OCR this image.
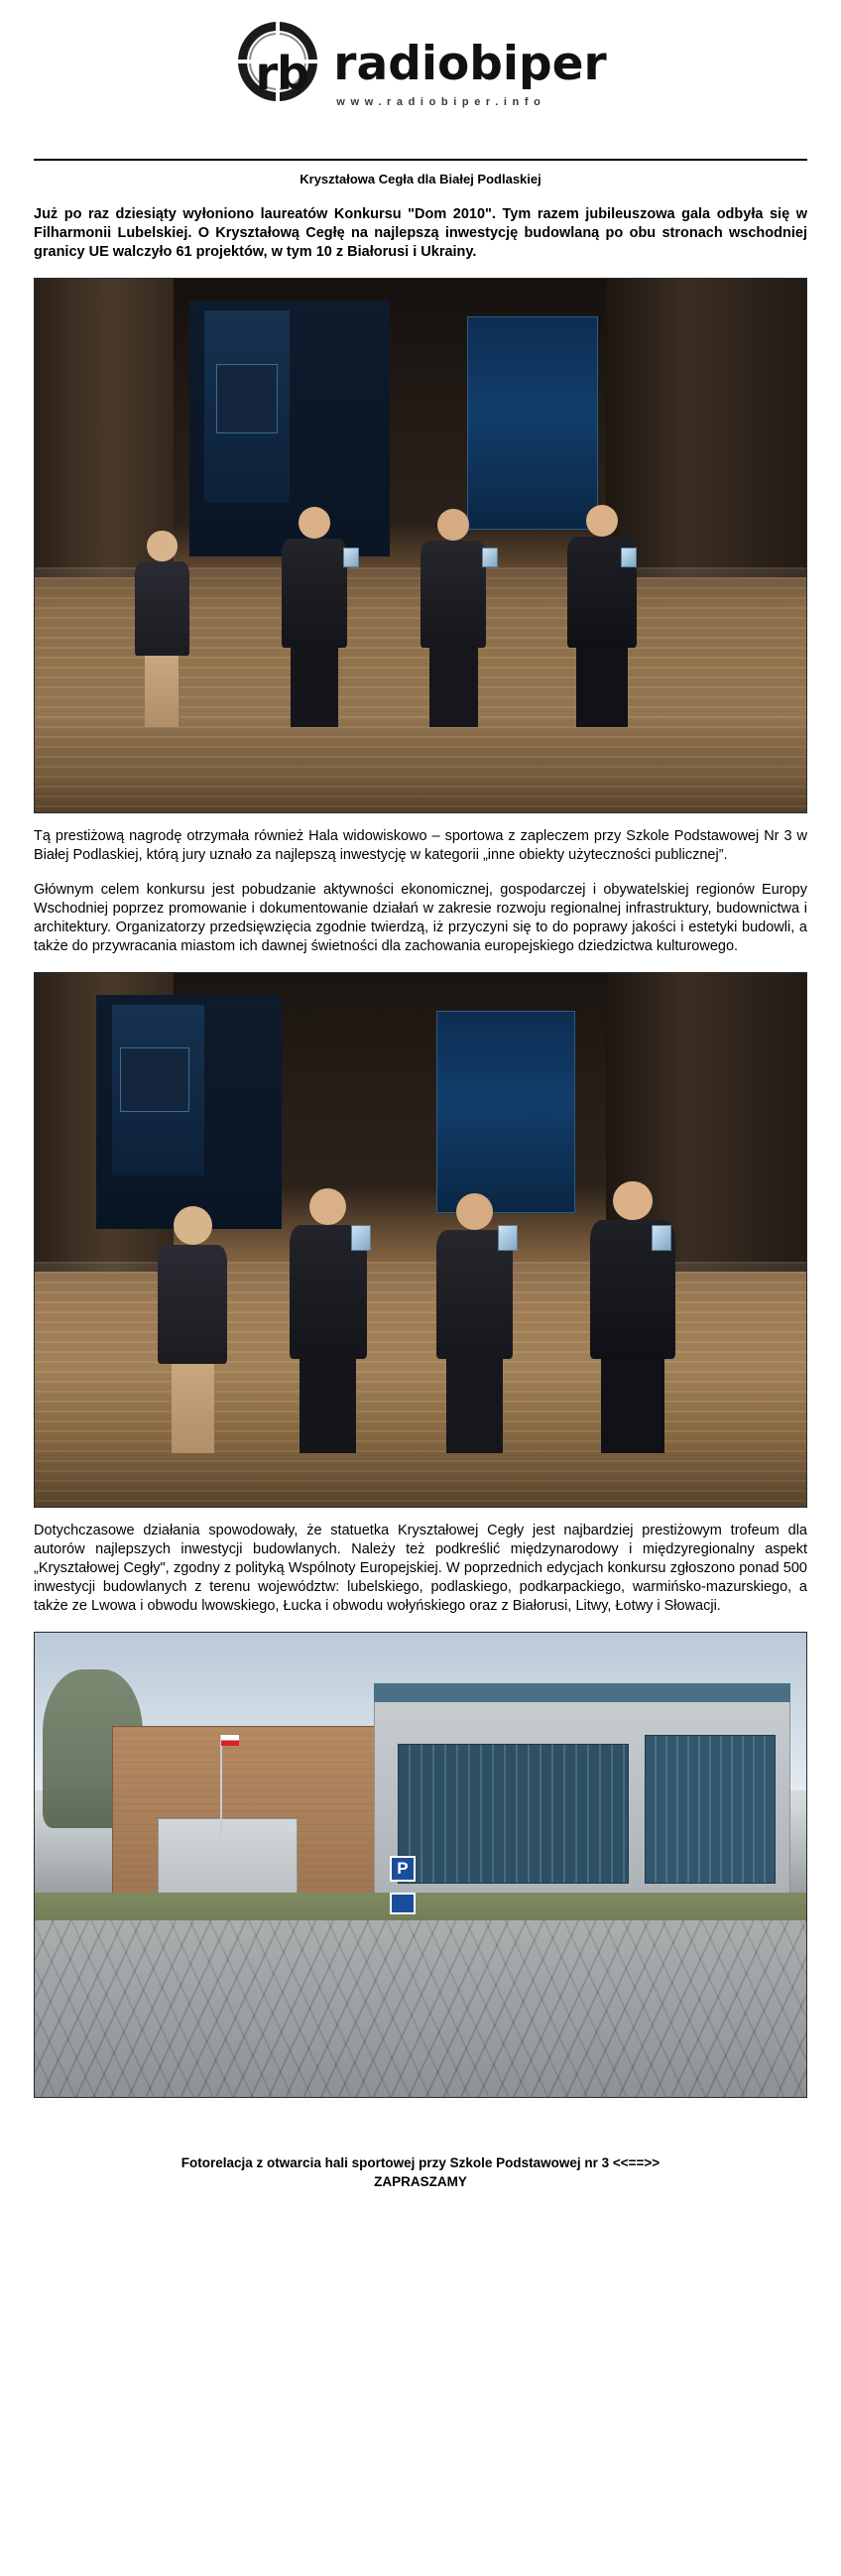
rb radiobiper
www.radiobiper.info
Kryształowa Cegła dla Białej Podlaskiej

Już po raz dziesiąty wyłoniono laureatów Konkursu "Dom 2010". Tym razem jubileuszowa gala odbyła się w Filharmonii Lubelskiej. O Kryształową Cegłę na najlepszą inwestycję budowlaną po obu stronach wschodniej granicy UE walczyło 61 projektów, w tym 10 z Białorusi i Ukrainy.

Tą prestiżową nagrodę otrzymała również Hala widowiskowo – sportowa z zapleczem przy Szkole Podstawowej Nr 3 w Białej Podlaskiej, którą jury uznało za najlepszą inwestycję w kategorii „inne obiekty użyteczności publicznej”.

Głównym celem konkursu jest pobudzanie aktywności ekonomicznej, gospodarczej i obywatelskiej regionów Europy Wschodniej poprzez promowanie i dokumentowanie działań w zakresie rozwoju regionalnej infrastruktury, budownictwa i architektury. Organizatorzy przedsięwzięcia zgodnie twierdzą, iż przyczyni się to do poprawy jakości i estetyki budowli, a także do przywracania miastom ich dawnej świetności dla zachowania europejskiego dziedzictwa kulturowego.

Dotychczasowe działania spowodowały, że statuetka Kryształowej Cegły jest najbardziej prestiżowym trofeum dla autorów najlepszych inwestycji budowlanych. Należy też podkreślić międzynarodowy i międzyregionalny aspekt „Kryształowej Cegły", zgodny z polityką Wspólnoty Europejskiej. W poprzednich edycjach konkursu zgłoszono ponad 500 inwestycji budowlanych z terenu województw: lubelskiego, podlaskiego, podkarpackiego, warmińsko-mazurskiego, a także ze Lwowa i obwodu lwowskiego, Łucka i obwodu wołyńskiego oraz z Białorusi, Litwy, Łotwy i Słowacji.

P
Fotorelacja z otwarcia hali sportowej przy Szkole Podstawowej nr 3 <<==>>
ZAPRASZAMY
